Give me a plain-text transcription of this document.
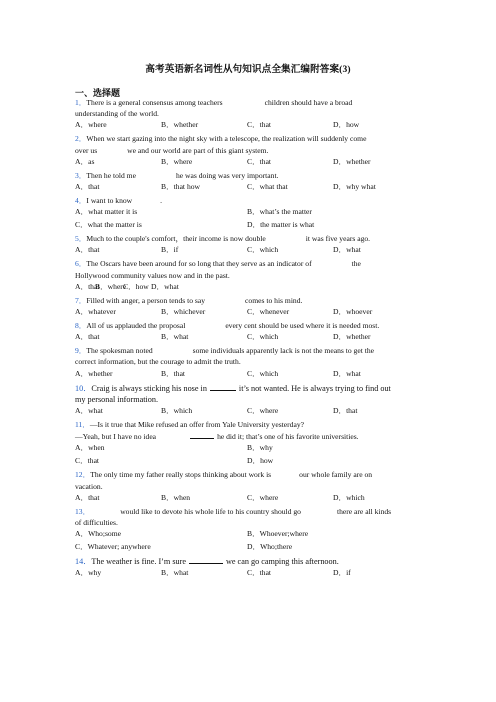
高考英语新名词性从句知识点全集汇编附答案(3)
一、选择题
1．There is a general consensus among teachers	children should have a broad
understanding of the world.
A．where	B．whether	C．that	D．how
2．When we start gazing into the night sky with a telescope, the realization will suddenly come
over us	we and our world are part of this giant system.
A．as	B．where	C．that	D．whether
3．Then he told me	he was doing was very important.
A．that	B．that how	C．what that	D．why what
4．I want to know	.
A．what matter it is	B．what’s the matter
C．what the matter is	D．the matter is what
5．Much to the couple's comfort，their income is now double	it was five years ago.
A．that	B．if	C．which	D．what
6．The Oscars have been around for so long that they serve as an indicator of	the
Hollywood community values now and in the past.
A．that
B．where
C．how D．what
7．Filled with anger, a person tends to say	comes to his mind.
A．whatever	B．whichever	C．whenever	D．whoever
8．All of us applauded the proposal	every cent should be used where it is needed most.
A．that	B．what	C．which	D．whether
9．The spokesman noted	some individuals apparently lack is not the means to get the
correct information, but the courage to admit the truth.
A．whether	B．that	C．which	D．what
10．Craig is always sticking his nose in	it’s not wanted. He is always trying to find out
my personal information.
A．what	B．which	C．where	D．that
11．—Is it true that Mike refused an offer from Yale University yesterday?
—Yeah, but I have no idea	he did it; that’s one of his favorite universities.
A．when	B．why
C．that	D．how
12．The only time my father really stops thinking about work is	our whole family are on
vacation.
A．that	B．when	C．where	D．which
13．	would like to devote his whole life to his country should go	there are all kinds
of difficulties.
A．Who;some	B．Whoever;where
C．Whatever; anywhere	D．Who;there
14．The weather is fine. I’m sure	we can go camping this afternoon.
A．why	B．what	C．that	D．if
